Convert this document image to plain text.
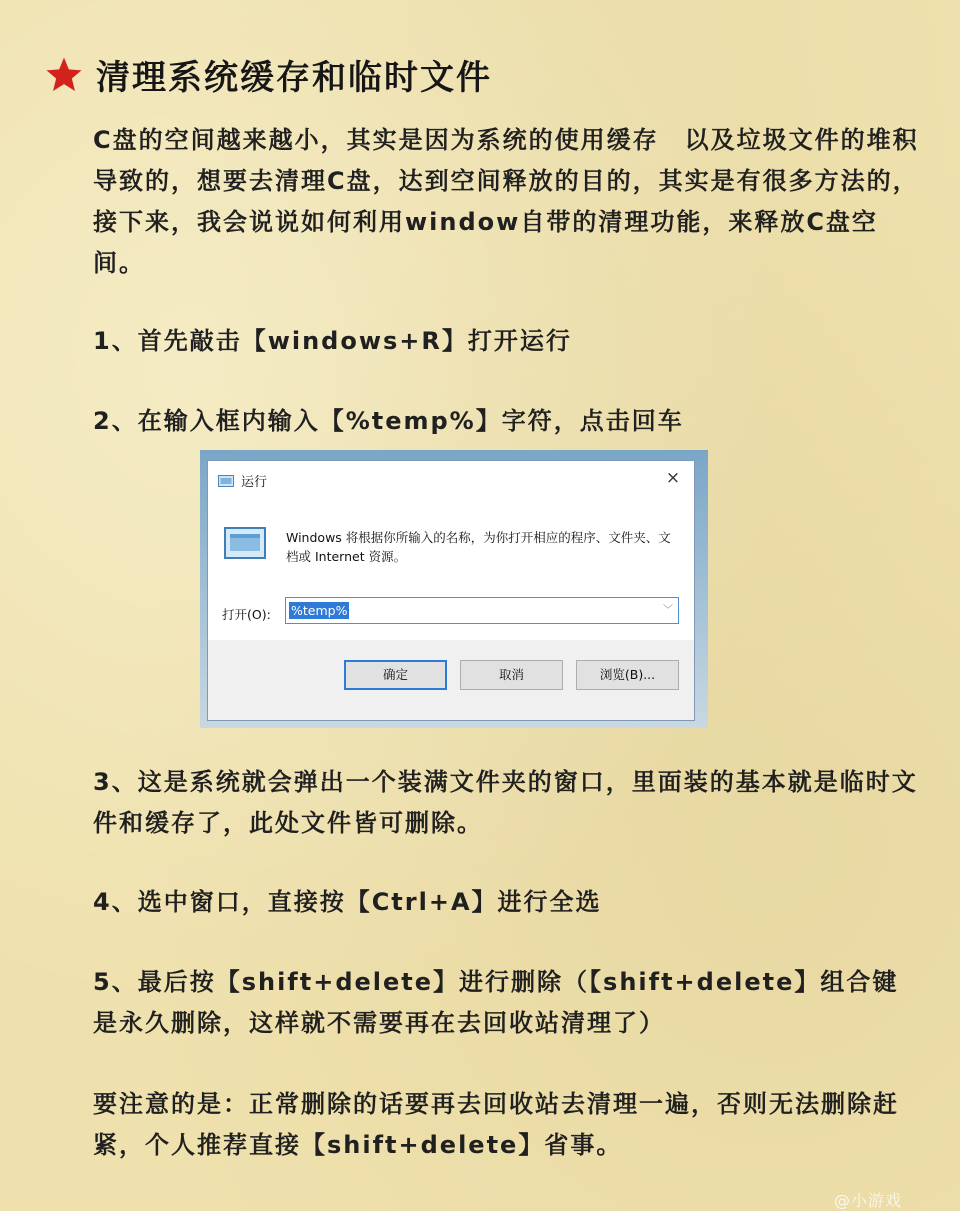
清理系统缓存和临时文件

C盘的空间越来越小，其实是因为系统的使用缓存　以及垃圾文件的堆积导致的，想要去清理C盘，达到空间释放的目的，其实是有很多方法的，接下来，我会说说如何利用window自带的清理功能，来释放C盘空间。

1、首先敲击【windows+R】打开运行

2、在输入框内输入【%temp%】字符，点击回车

运行	×
Windows 将根据你所输入的名称，为你打开相应的程序、文件夹、文档或 Internet 资源。
打开(O): %temp%	﹀
确定	取消	浏览(B)...

3、这是系统就会弹出一个装满文件夹的窗口，里面装的基本就是临时文件和缓存了，此处文件皆可删除。

4、选中窗口，直接按【Ctrl+A】进行全选

5、最后按【shift+delete】进行删除（【shift+delete】组合键是永久删除，这样就不需要再在去回收站清理了）

要注意的是：正常删除的话要再去回收站去清理一遍，否则无法删除赶紧，个人推荐直接【shift+delete】省事。

@小游戏
